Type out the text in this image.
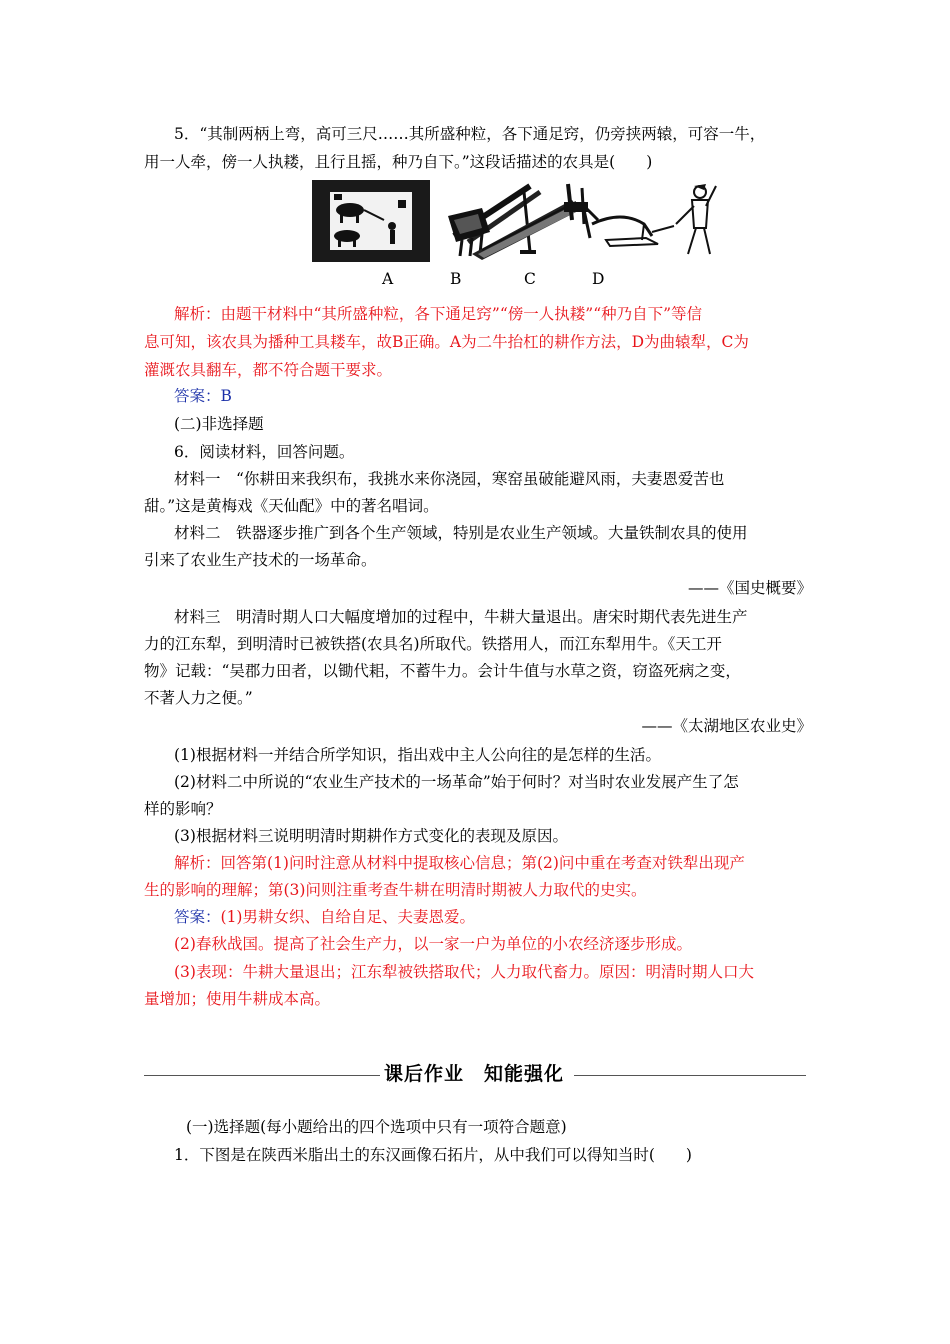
5．“其制两柄上弯，高可三尺……其所盛种粒，各下通足窍，仍旁挟两辕，可容一牛，
用一人牵，傍一人执耧，且行且摇，种乃自下。”这段话描述的农具是(　　)
A	B	C	D
解析：由题干材料中“其所盛种粒，各下通足窍”“傍一人执耧”“种乃自下”等信
息可知，该农具为播种工具耧车，故B正确。A为二牛抬杠的耕作方法，D为曲辕犁，C为
灌溉农具翻车，都不符合题干要求。
答案：B
(二)非选择题
6．阅读材料，回答问题。
材料一　“你耕田来我织布，我挑水来你浇园，寒窑虽破能避风雨，夫妻恩爱苦也
甜。”这是黄梅戏《天仙配》中的著名唱词。
材料二　铁器逐步推广到各个生产领域，特别是农业生产领域。大量铁制农具的使用
引来了农业生产技术的一场革命。
——《国史概要》
材料三　明清时期人口大幅度增加的过程中，牛耕大量退出。唐宋时期代表先进生产
力的江东犁，到明清时已被铁搭(农具名)所取代。铁搭用人，而江东犁用牛。《天工开
物》记载：“吴郡力田者，以锄代耜，不蓄牛力。会计牛值与水草之资，窃盗死病之变，
不著人力之便。”
——《太湖地区农业史》
(1)根据材料一并结合所学知识，指出戏中主人公向往的是怎样的生活。
(2)材料二中所说的“农业生产技术的一场革命”始于何时？对当时农业发展产生了怎
样的影响？
(3)根据材料三说明明清时期耕作方式变化的表现及原因。
解析：回答第(1)问时注意从材料中提取核心信息；第(2)问中重在考查对铁犁出现产
生的影响的理解；第(3)问则注重考查牛耕在明清时期被人力取代的史实。
答案：(1)男耕女织、自给自足、夫妻恩爱。
(2)春秋战国。提高了社会生产力，以一家一户为单位的小农经济逐步形成。
(3)表现：牛耕大量退出；江东犁被铁搭取代；人力取代畜力。原因：明清时期人口大
量增加；使用牛耕成本高。
课后作业　知能强化
(一)选择题(每小题给出的四个选项中只有一项符合题意)
1．下图是在陕西米脂出土的东汉画像石拓片，从中我们可以得知当时(　　)
